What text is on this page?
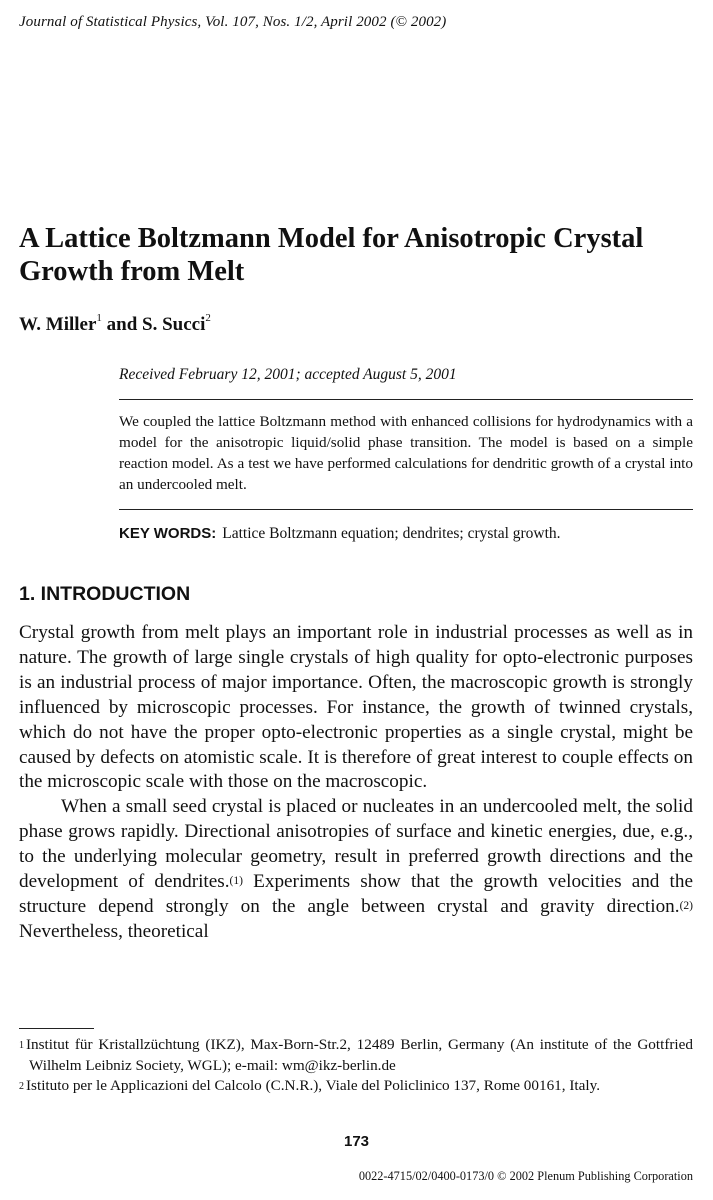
Journal of Statistical Physics, Vol. 107, Nos. 1/2, April 2002 (© 2002)
A Lattice Boltzmann Model for Anisotropic Crystal Growth from Melt
W. Miller$^1$ and S. Succi$^2$
Received February 12, 2001; accepted August 5, 2001

We coupled the lattice Boltzmann method with enhanced collisions for hydrodynamics with a model for the anisotropic liquid/solid phase transition. The model is based on a simple reaction model. As a test we have performed calculations for dendritic growth of a crystal into an undercooled melt.

KEY WORDS: Lattice Boltzmann equation; dendrites; crystal growth.
1. INTRODUCTION

Crystal growth from melt plays an important role in industrial processes as well as in nature. The growth of large single crystals of high quality for opto-electronic purposes is an industrial process of major importance. Often, the macroscopic growth is strongly influenced by microscopic processes. For instance, the growth of twinned crystals, which do not have the proper opto-electronic properties as a single crystal, might be caused by defects on atomistic scale. It is therefore of great interest to couple effects on the microscopic scale with those on the macroscopic.

When a small seed crystal is placed or nucleates in an undercooled melt, the solid phase grows rapidly. Directional anisotropies of surface and kinetic energies, due, e.g., to the underlying molecular geometry, result in preferred growth directions and the development of dendrites.$^{(1)}$ Experiments show that the growth velocities and the structure depend strongly on the angle between crystal and gravity direction.$^{(2)}$ Nevertheless, theoretical

$^1$ Institut für Kristallzüchtung (IKZ), Max-Born-Str.2, 12489 Berlin, Germany (An institute of the Gottfried Wilhelm Leibniz Society, WGL); e-mail: wm@ikz-berlin.de

$^2$ Istituto per le Applicazioni del Calcolo (C.N.R.), Viale del Policlinico 137, Rome 00161, Italy.

173
0022-4715/02/0400-0173/0 © 2002 Plenum Publishing Corporation
